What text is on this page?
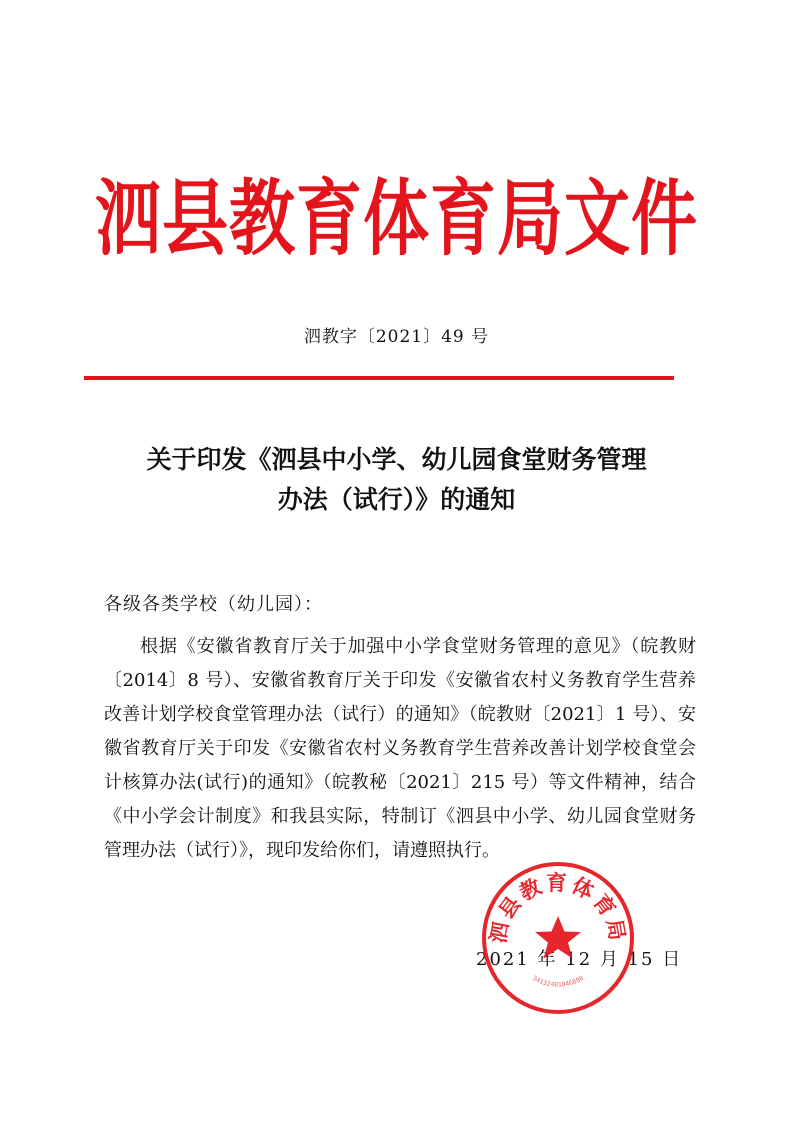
泗县教育体育局文件
泗教字〔2021〕49 号
关于印发《泗县中小学、幼儿园食堂财务管理
办法（试行）》的通知
各级各类学校（幼儿园）：

根据《安徽省教育厅关于加强中小学食堂财务管理的意见》（皖教财〔2014〕8 号）、安徽省教育厅关于印发《安徽省农村义务教育学生营养改善计划学校食堂管理办法（试行）的通知》（皖教财〔2021〕1 号）、安徽省教育厅关于印发《安徽省农村义务教育学生营养改善计划学校食堂会计核算办法(试行)的通知》（皖教秘〔2021〕215 号）等文件精神，结合《中小学会计制度》和我县实际，特制订《泗县中小学、幼儿园食堂财务管理办法（试行）》，现印发给你们，请遵照执行。

2021 年 12 月 15 日
泗县教育体育局
34132401046880
